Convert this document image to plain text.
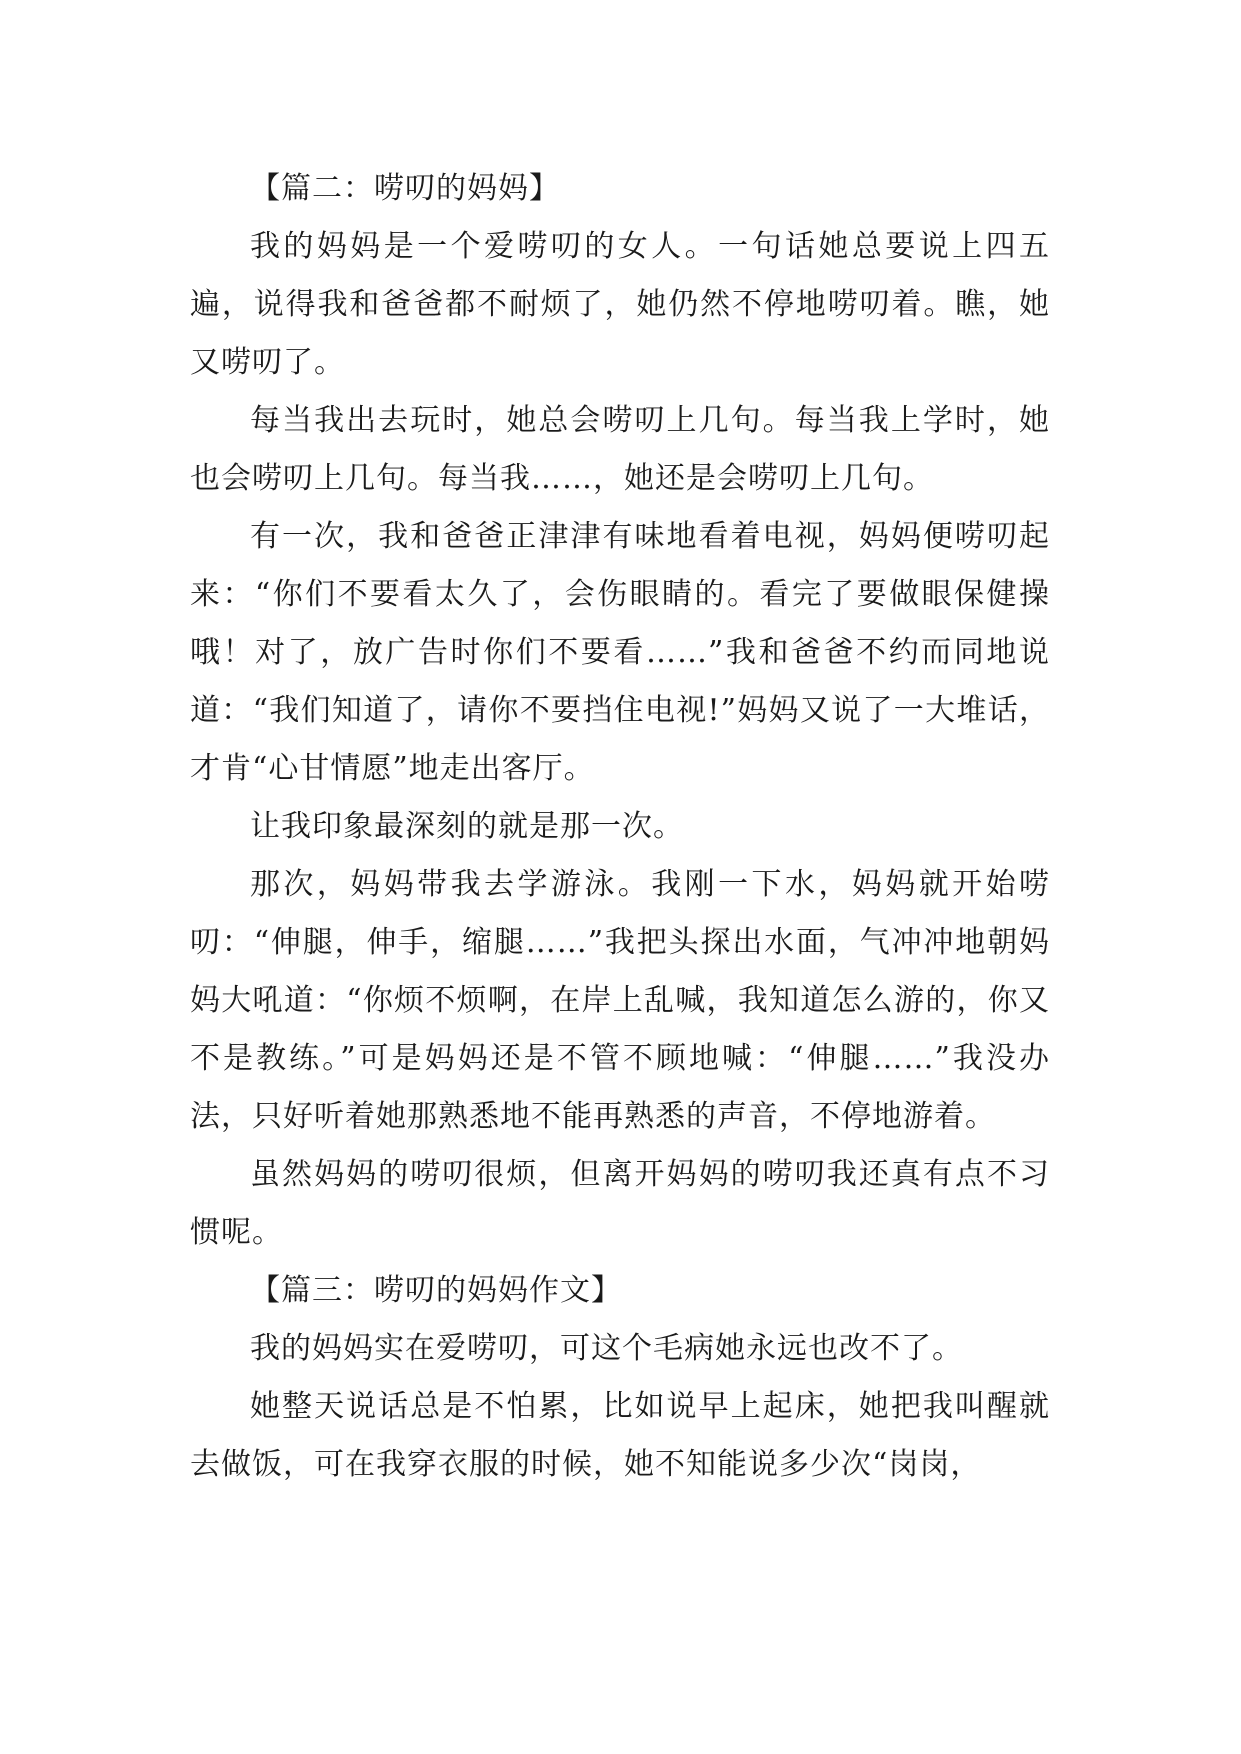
【篇二：唠叨的妈妈】

我的妈妈是一个爱唠叨的女人。一句话她总要说上四五遍，说得我和爸爸都不耐烦了，她仍然不停地唠叨着。瞧，她又唠叨了。

每当我出去玩时，她总会唠叨上几句。每当我上学时，她也会唠叨上几句。每当我……，她还是会唠叨上几句。

有一次，我和爸爸正津津有味地看着电视，妈妈便唠叨起来：“你们不要看太久了，会伤眼睛的。看完了要做眼保健操哦！对了，放广告时你们不要看……”我和爸爸不约而同地说道：“我们知道了，请你不要挡住电视!”妈妈又说了一大堆话，才肯“心甘情愿”地走出客厅。

让我印象最深刻的就是那一次。

那次，妈妈带我去学游泳。我刚一下水，妈妈就开始唠叨：“伸腿，伸手，缩腿……”我把头探出水面，气冲冲地朝妈妈大吼道：“你烦不烦啊，在岸上乱喊，我知道怎么游的，你又不是教练。”可是妈妈还是不管不顾地喊：“伸腿……”我没办法，只好听着她那熟悉地不能再熟悉的声音，不停地游着。

虽然妈妈的唠叨很烦，但离开妈妈的唠叨我还真有点不习惯呢。

【篇三：唠叨的妈妈作文】

我的妈妈实在爱唠叨，可这个毛病她永远也改不了。

她整天说话总是不怕累，比如说早上起床，她把我叫醒就去做饭，可在我穿衣服的时候，她不知能说多少次“岗岗，
